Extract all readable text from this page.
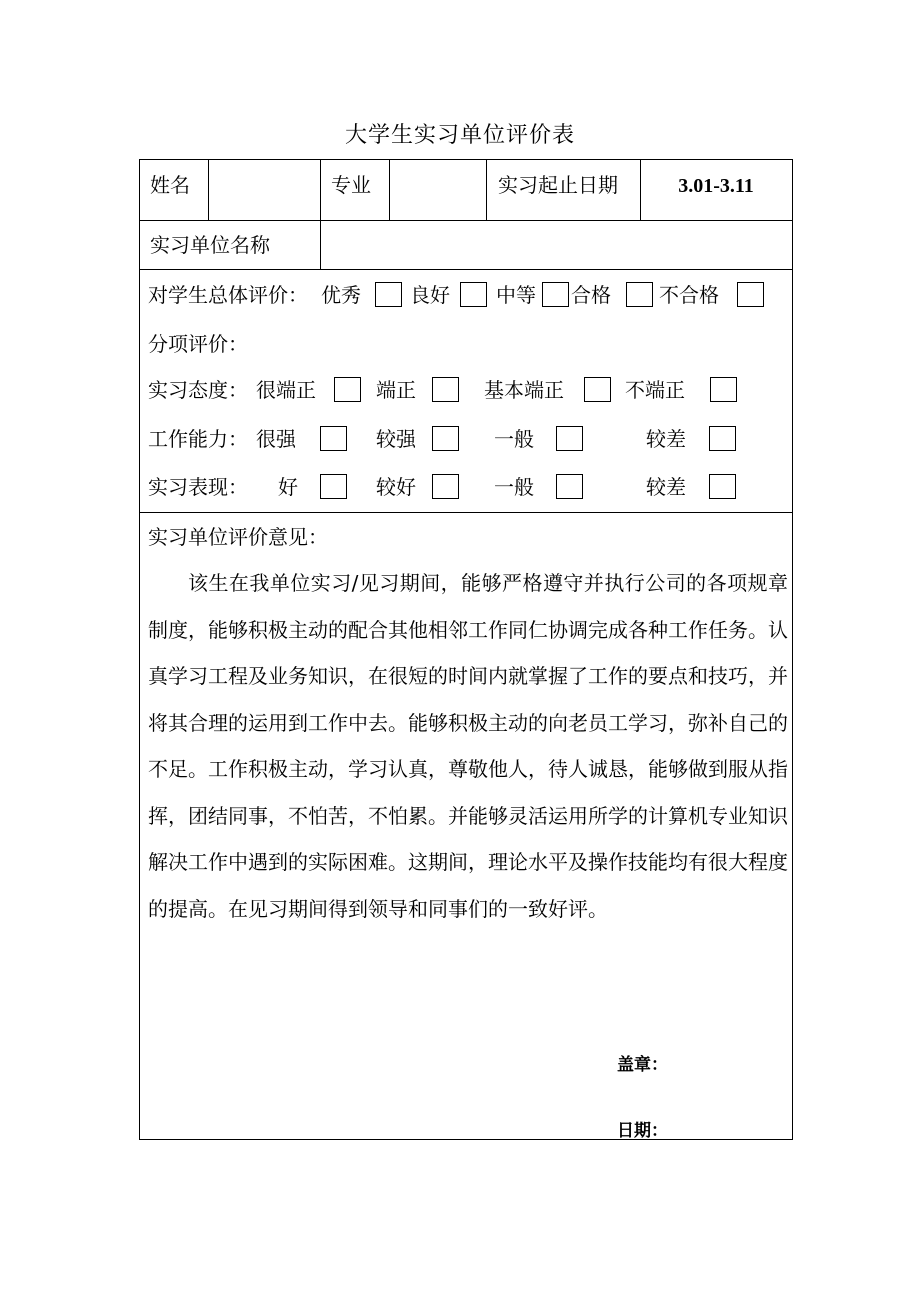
大学生实习单位评价表
姓名	专业	实习起止日期	3.01-3.11
实习单位名称
对学生总体评价： 优秀 良好 中等 合格 不合格
分项评价：
实习态度： 很端正	端正	基本端正	不端正
工作能力： 很强	较强	一般	较差
实习表现： 好	较好	一般	较差
实习单位评价意见：

该生在我单位实习/见习期间，能够严格遵守并执行公司的各项规章制度，能够积极主动的配合其他相邻工作同仁协调完成各种工作任务。认真学习工程及业务知识，在很短的时间内就掌握了工作的要点和技巧，并将其合理的运用到工作中去。能够积极主动的向老员工学习，弥补自己的不足。工作积极主动，学习认真，尊敬他人，待人诚恳，能够做到服从指挥，团结同事，不怕苦，不怕累。并能够灵活运用所学的计算机专业知识解决工作中遇到的实际困难。这期间，理论水平及操作技能均有很大程度的提高。在见习期间得到领导和同事们的一致好评。

盖章：
日期：
